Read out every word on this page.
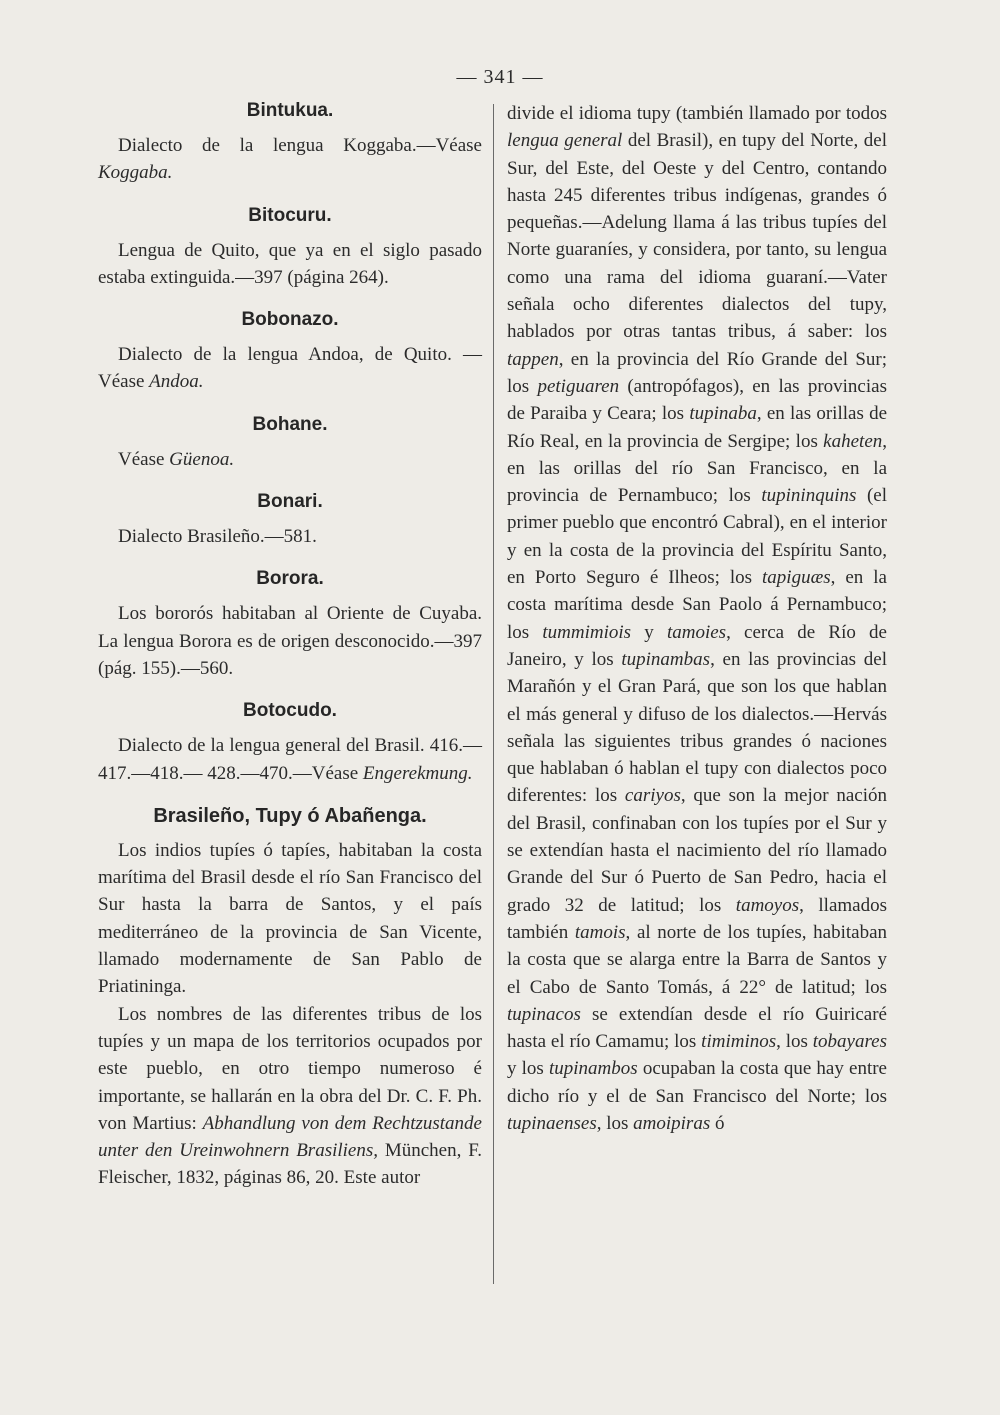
— 341 —
Bintukua.

Dialecto de la lengua Koggaba.—Véase Koggaba.

Bitocuru.

Lengua de Quito, que ya en el siglo pasado estaba extinguida.—397 (página 264).

Bobonazo.

Dialecto de la lengua Andoa, de Quito. —Véase Andoa.

Bohane.

Véase Güenoa.

Bonari.

Dialecto Brasileño.—581.

Borora.

Los bororós habitaban al Oriente de Cuyaba. La lengua Borora es de origen desconocido.—397 (pág. 155).—560.

Botocudo.

Dialecto de la lengua general del Brasil. 416.—417.—418.— 428.—470.—Véase Engerekmung.

Brasileño, Tupy ó Abañenga.

Los indios tupíes ó tapíes, habitaban la costa marítima del Brasil desde el río San Francisco del Sur hasta la barra de Santos, y el país mediterráneo de la provincia de San Vicente, llamado modernamente de San Pablo de Priatininga.

Los nombres de las diferentes tribus de los tupíes y un mapa de los territorios ocupados por este pueblo, en otro tiempo numeroso é importante, se hallarán en la obra del Dr. C. F. Ph. von Martius: Abhandlung von dem Rechtzustande unter den Ureinwohnern Brasiliens, München, F. Fleischer, 1832, páginas 86, 20. Este autor

divide el idioma tupy (también llamado por todos lengua general del Brasil), en tupy del Norte, del Sur, del Este, del Oeste y del Centro, contando hasta 245 diferentes tribus indígenas, grandes ó pequeñas.—Adelung llama á las tribus tupíes del Norte guaraníes, y considera, por tanto, su lengua como una rama del idioma guaraní.—Vater señala ocho diferentes dialectos del tupy, hablados por otras tantas tribus, á saber: los tappen, en la provincia del Río Grande del Sur; los petiguaren (antropófagos), en las provincias de Paraiba y Ceara; los tupinaba, en las orillas de Río Real, en la provincia de Sergipe; los kaheten, en las orillas del río San Francisco, en la provincia de Pernambuco; los tupininquins (el primer pueblo que encontró Cabral), en el interior y en la costa de la provincia del Espíritu Santo, en Porto Seguro é Ilheos; los tapiguæs, en la costa marítima desde San Paolo á Pernambuco; los tummimiois y tamoies, cerca de Río de Janeiro, y los tupinambas, en las provincias del Marañón y el Gran Pará, que son los que hablan el más general y difuso de los dialectos.—Hervás señala las siguientes tribus grandes ó naciones que hablaban ó hablan el tupy con dialectos poco diferentes: los cariyos, que son la mejor nación del Brasil, confinaban con los tupíes por el Sur y se extendían hasta el nacimiento del río llamado Grande del Sur ó Puerto de San Pedro, hacia el grado 32 de latitud; los tamoyos, llamados también tamois, al norte de los tupíes, habitaban la costa que se alarga entre la Barra de Santos y el Cabo de Santo Tomás, á 22° de latitud; los tupinacos se extendían desde el río Guiricaré hasta el río Camamu; los timiminos, los tobayares y los tupinambos ocupaban la costa que hay entre dicho río y el de San Francisco del Norte; los tupinaenses, los amoipiras ó
